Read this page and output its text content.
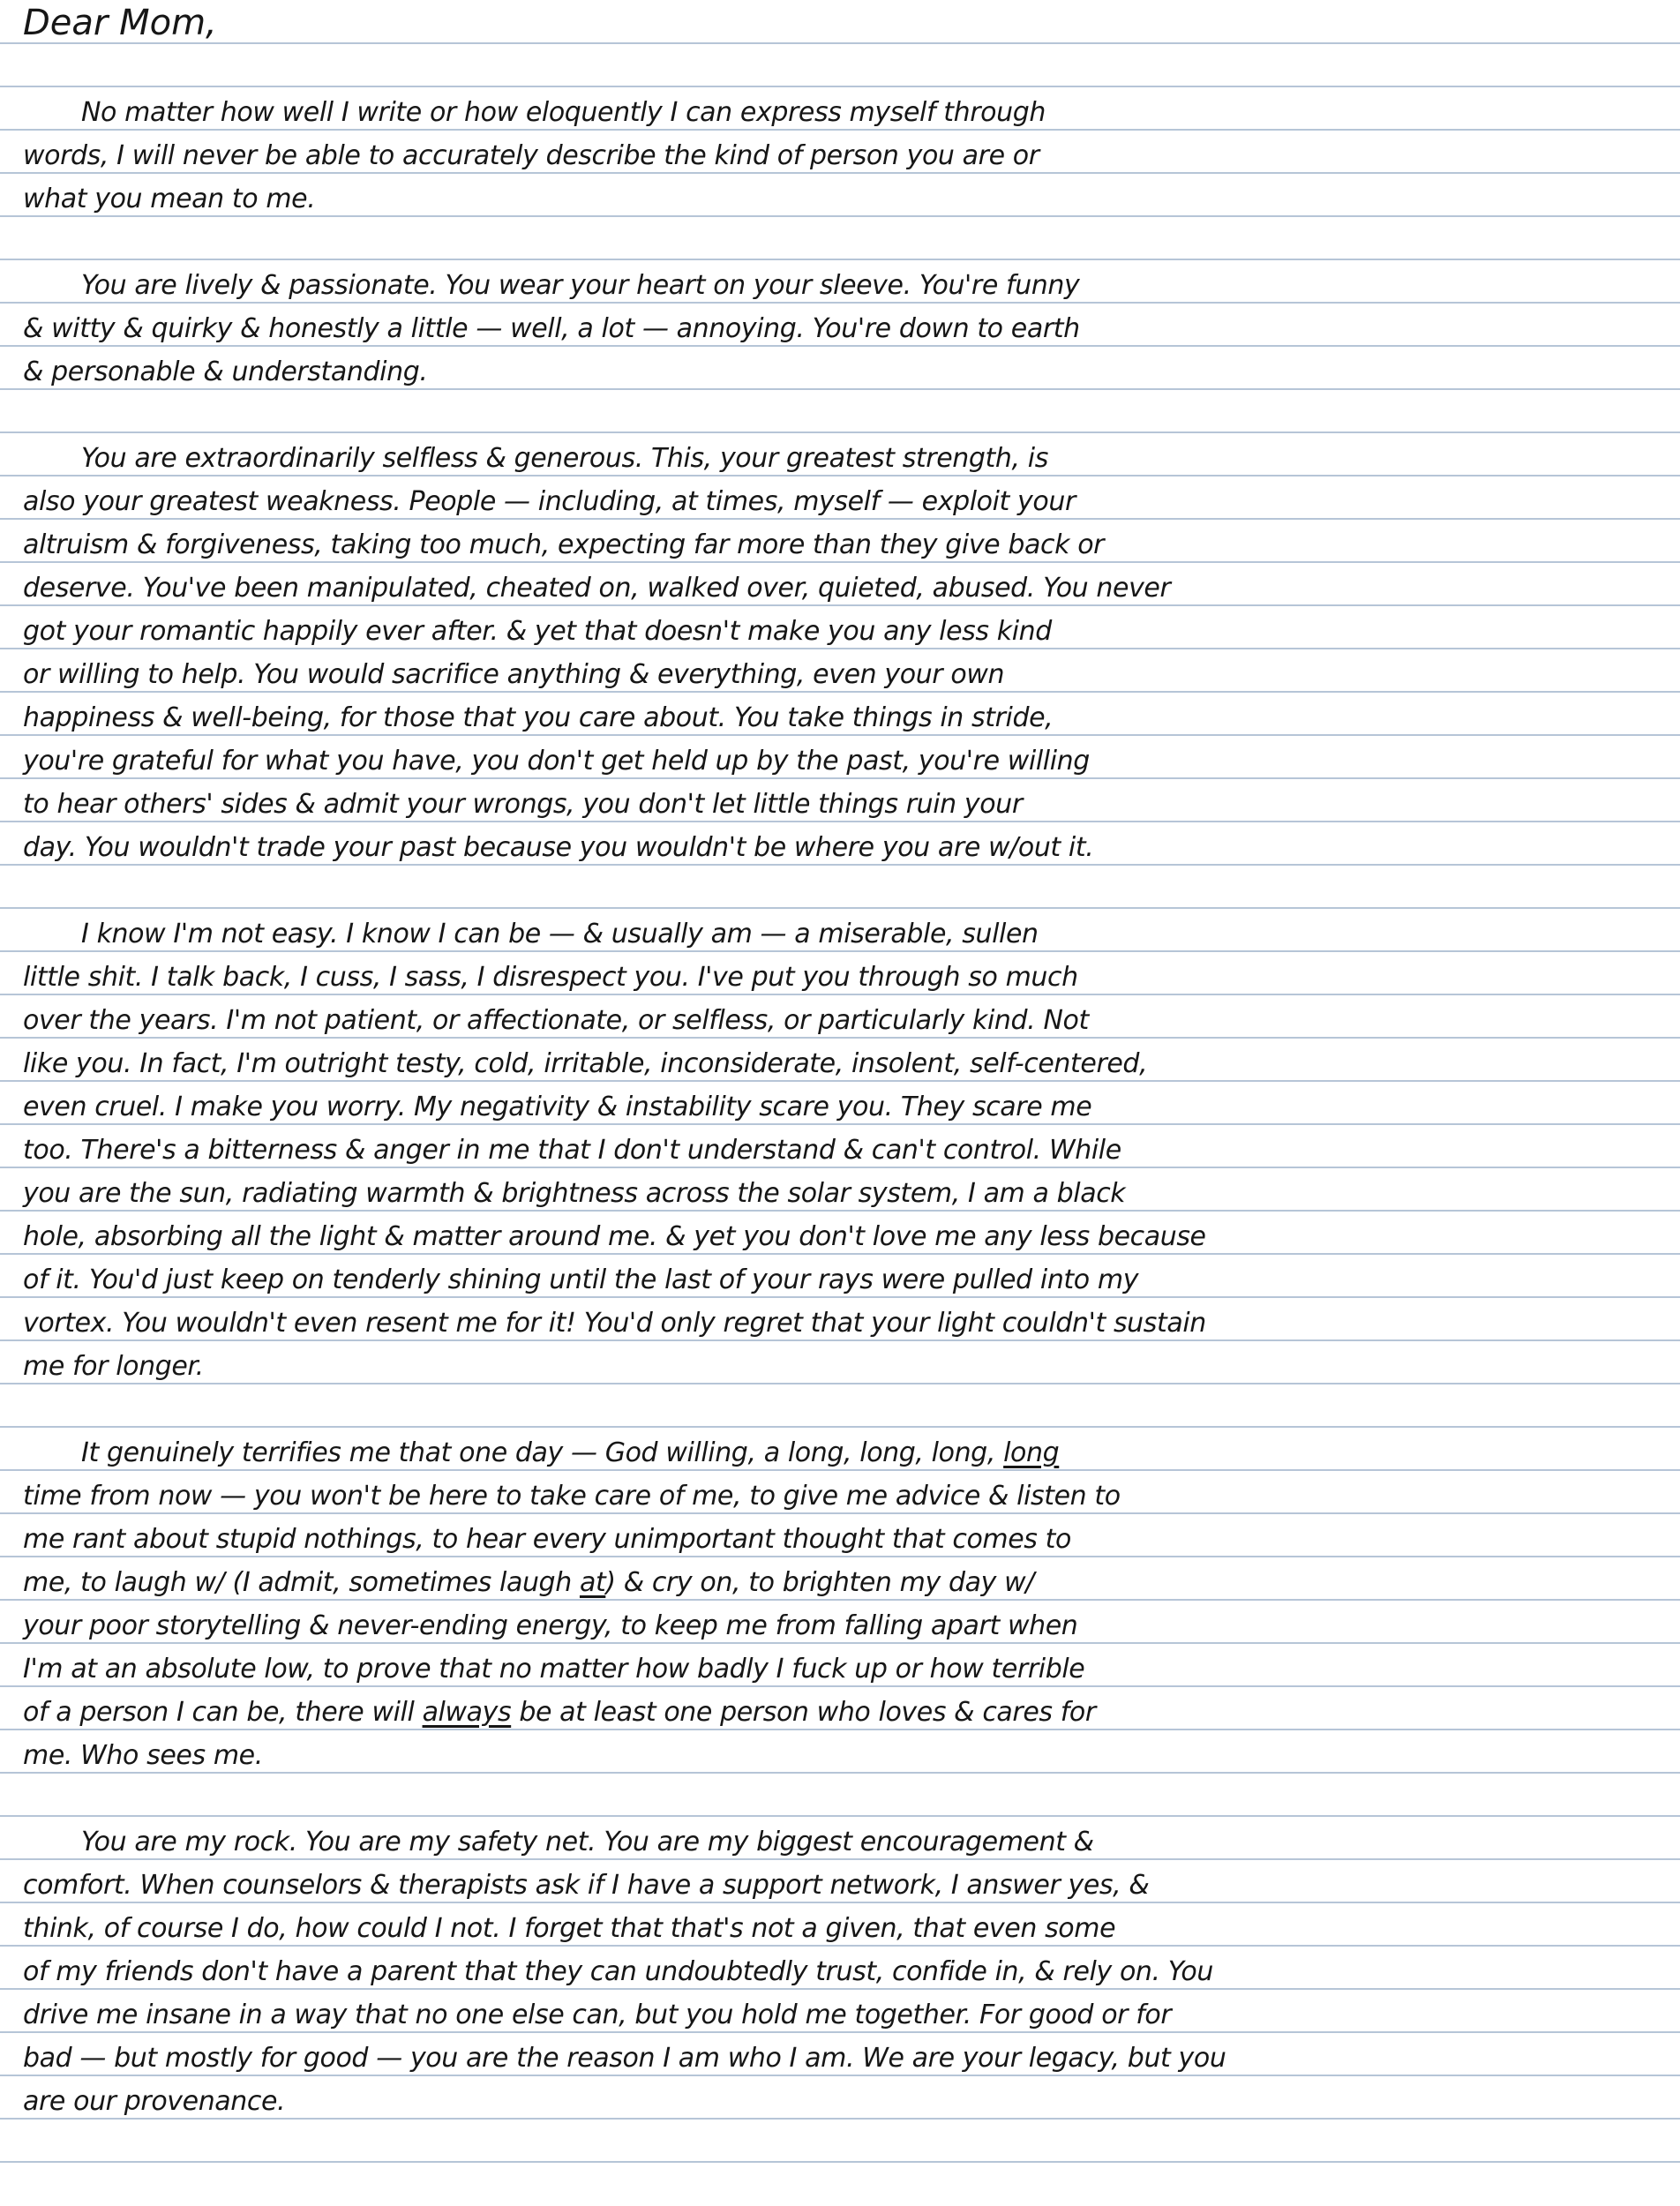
Dear Mom,
No matter how well I write or how eloquently I can express myself through
words, I will never be able to accurately describe the kind of person you are or
what you mean to me.
You are lively & passionate. You wear your heart on your sleeve. You're funny
& witty & quirky & honestly a little — well, a lot — annoying. You're down to earth
& personable & understanding.
You are extraordinarily selfless & generous. This, your greatest strength, is
also your greatest weakness. People — including, at times, myself — exploit your
altruism & forgiveness, taking too much, expecting far more than they give back or
deserve. You've been manipulated, cheated on, walked over, quieted, abused. You never
got your romantic happily ever after. & yet that doesn't make you any less kind
or willing to help. You would sacrifice anything & everything, even your own
happiness & well-being, for those that you care about. You take things in stride,
you're grateful for what you have, you don't get held up by the past, you're willing
to hear others' sides & admit your wrongs, you don't let little things ruin your
day. You wouldn't trade your past because you wouldn't be where you are w/out it.
I know I'm not easy. I know I can be — & usually am — a miserable, sullen
little shit. I talk back, I cuss, I sass, I disrespect you. I've put you through so much
over the years. I'm not patient, or affectionate, or selfless, or particularly kind. Not
like you. In fact, I'm outright testy, cold, irritable, inconsiderate, insolent, self-centered,
even cruel. I make you worry. My negativity & instability scare you. They scare me
too. There's a bitterness & anger in me that I don't understand & can't control. While
you are the sun, radiating warmth & brightness across the solar system, I am a black
hole, absorbing all the light & matter around me. & yet you don't love me any less because
of it. You'd just keep on tenderly shining until the last of your rays were pulled into my
vortex. You wouldn't even resent me for it! You'd only regret that your light couldn't sustain
me for longer.
It genuinely terrifies me that one day — God willing, a long, long, long, long
time from now — you won't be here to take care of me, to give me advice & listen to
me rant about stupid nothings, to hear every unimportant thought that comes to
me, to laugh w/ (I admit, sometimes laugh at) & cry on, to brighten my day w/
your poor storytelling & never-ending energy, to keep me from falling apart when
I'm at an absolute low, to prove that no matter how badly I fuck up or how terrible
of a person I can be, there will always be at least one person who loves & cares for
me. Who sees me.
You are my rock. You are my safety net. You are my biggest encouragement &
comfort. When counselors & therapists ask if I have a support network, I answer yes, &
think, of course I do, how could I not. I forget that that's not a given, that even some
of my friends don't have a parent that they can undoubtedly trust, confide in, & rely on. You
drive me insane in a way that no one else can, but you hold me together. For good or for
bad — but mostly for good — you are the reason I am who I am. We are your legacy, but you
are our provenance.
